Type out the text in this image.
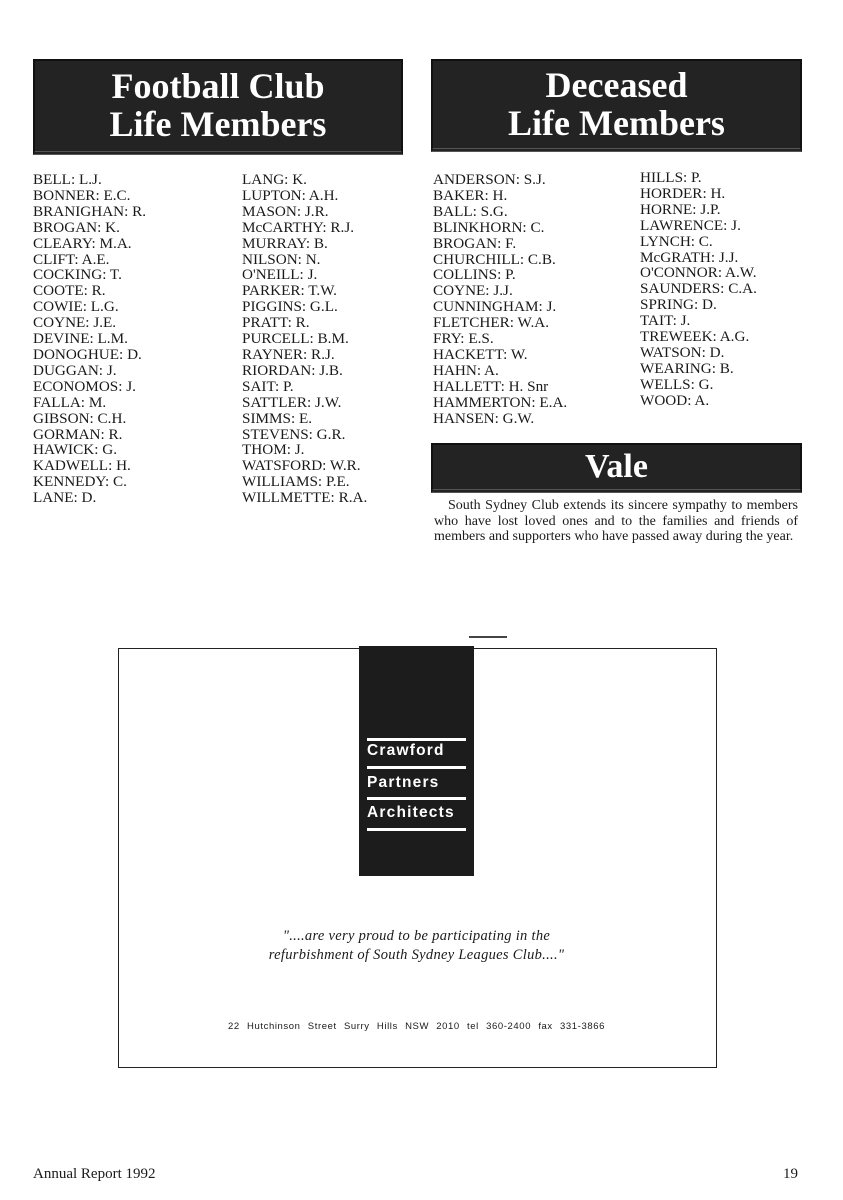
Football Club
Life Members
Deceased
Life Members
BELL: L.J.
BONNER: E.C.
BRANIGHAN: R.
BROGAN: K.
CLEARY: M.A.
CLIFT: A.E.
COCKING: T.
COOTE: R.
COWIE: L.G.
COYNE: J.E.
DEVINE: L.M.
DONOGHUE: D.
DUGGAN: J.
ECONOMOS: J.
FALLA: M.
GIBSON: C.H.
GORMAN: R.
HAWICK: G.
KADWELL: H.
KENNEDY: C.
LANE: D.
LANG: K.
LUPTON: A.H.
MASON: J.R.
McCARTHY: R.J.
MURRAY: B.
NILSON: N.
O'NEILL: J.
PARKER: T.W.
PIGGINS: G.L.
PRATT: R.
PURCELL: B.M.
RAYNER: R.J.
RIORDAN: J.B.
SAIT: P.
SATTLER: J.W.
SIMMS: E.
STEVENS: G.R.
THOM: J.
WATSFORD: W.R.
WILLIAMS: P.E.
WILLMETTE: R.A.
ANDERSON: S.J.
BAKER: H.
BALL: S.G.
BLINKHORN: C.
BROGAN: F.
CHURCHILL: C.B.
COLLINS: P.
COYNE: J.J.
CUNNINGHAM: J.
FLETCHER: W.A.
FRY: E.S.
HACKETT: W.
HAHN: A.
HALLETT: H. Snr
HAMMERTON: E.A.
HANSEN: G.W.
HILLS: P.
HORDER: H.
HORNE: J.P.
LAWRENCE: J.
LYNCH: C.
McGRATH: J.J.
O'CONNOR: A.W.
SAUNDERS: C.A.
SPRING: D.
TAIT: J.
TREWEEK: A.G.
WATSON: D.
WEARING: B.
WELLS: G.
WOOD: A.
Vale
South Sydney Club extends its sincere sympathy to members who have lost loved ones and to the families and friends of members and supporters who have passed away during the year.
Crawford
Partners
Architects
"....are very proud to be participating in the
refurbishment of South Sydney Leagues Club...."
22 Hutchinson Street Surry Hills NSW 2010 tel 360-2400 fax 331-3866
Annual Report 1992	19
